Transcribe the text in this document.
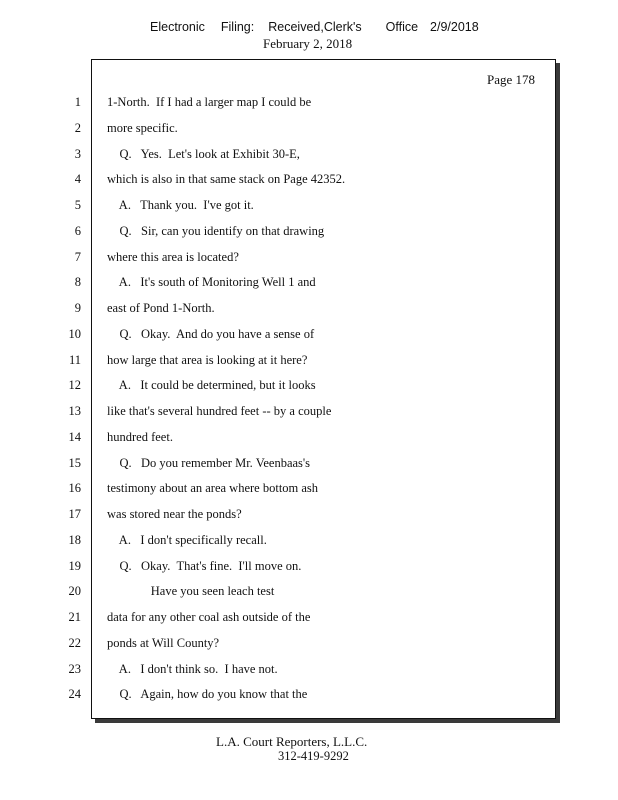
Electronic Filing: Received,Clerk's Office 2/9/2018
February 2, 2018
Page 178
1 1-North.  If I had a larger map I could be
2 more specific.
3 Q.   Yes.  Let's look at Exhibit 30-E,
4 which is also in that same stack on Page 42352.
5 A.   Thank you.  I've got it.
6 Q.   Sir, can you identify on that drawing
7 where this area is located?
8 A.   It's south of Monitoring Well 1 and
9 east of Pond 1-North.
10 Q.   Okay.  And do you have a sense of
11 how large that area is looking at it here?
12 A.   It could be determined, but it looks
13 like that's several hundred feet -- by a couple
14 hundred feet.
15 Q.   Do you remember Mr. Veenbaas's
16 testimony about an area where bottom ash
17 was stored near the ponds?
18 A.   I don't specifically recall.
19 Q.   Okay.  That's fine.  I'll move on.
20 Have you seen leach test
21 data for any other coal ash outside of the
22 ponds at Will County?
23 A.   I don't think so.  I have not.
24 Q.   Again, how do you know that the
L.A. Court Reporters, L.L.C.
312-419-9292
